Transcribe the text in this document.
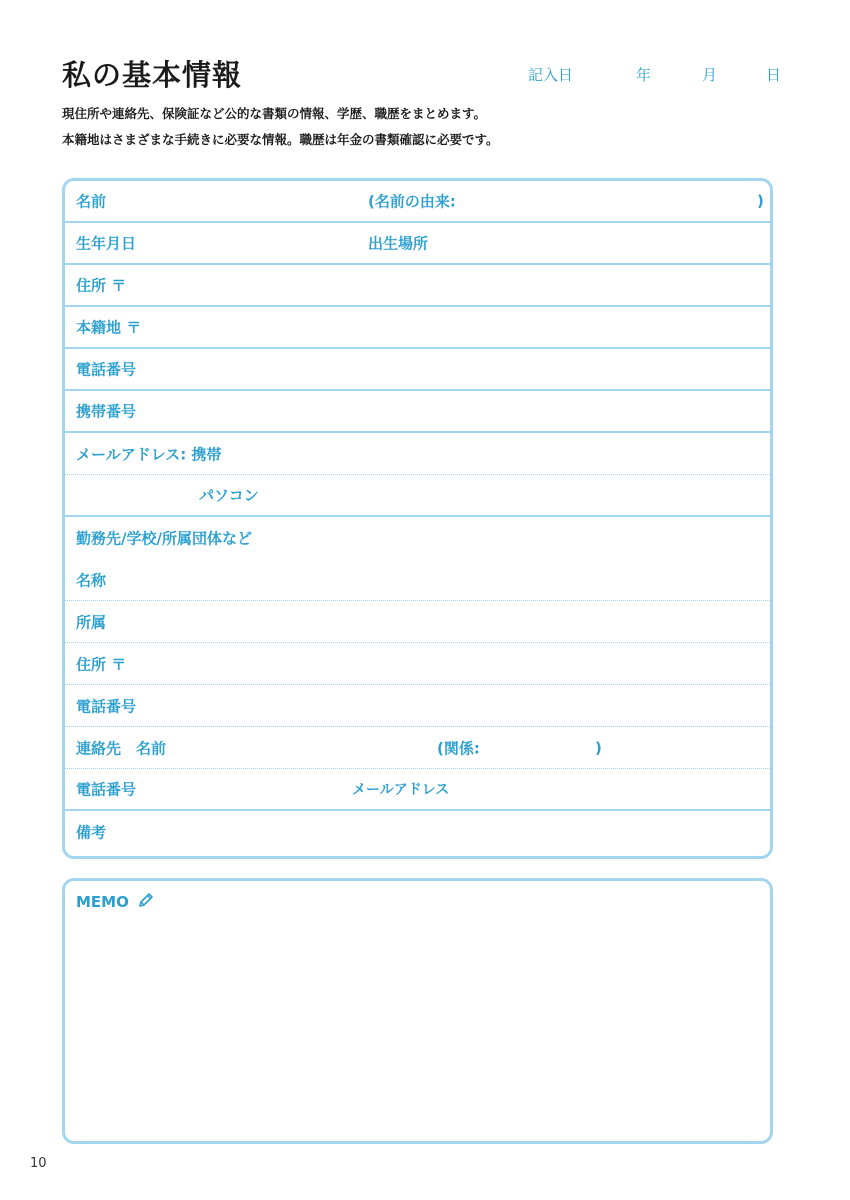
私の基本情報	記入日	年	月	日
現住所や連絡先、保険証など公的な書類の情報、学歴、職歴をまとめます。
本籍地はさまざまな手続きに必要な情報。職歴は年金の書類確認に必要です。
名前	(名前の由来:	)
生年月日	出生場所
住所 〒
本籍地 〒
電話番号
携帯番号
メールアドレス: 携帯
パソコン
勤務先/学校/所属団体など
名称
所属
住所 〒
電話番号
連絡先　名前	(関係:	)
電話番号	メールアドレス
備考
MEMO
10
